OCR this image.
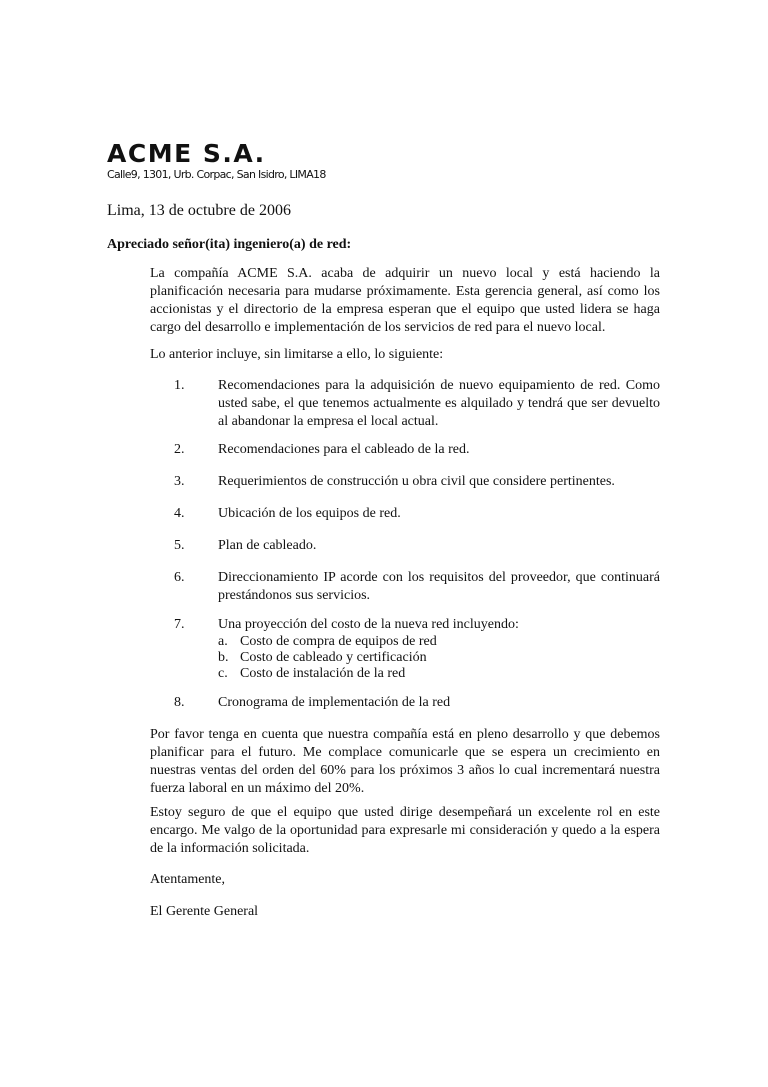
ACME S.A.
Calle9, 1301, Urb. Corpac, San Isidro, LIMA18
Lima, 13 de octubre de 2006
Apreciado señor(ita) ingeniero(a) de red:

La compañía ACME S.A. acaba de adquirir un nuevo local y está haciendo la planificación necesaria para mudarse próximamente. Esta gerencia general, así como los accionistas y el directorio de la empresa esperan que el equipo que usted lidera se haga cargo del desarrollo e implementación de los servicios de red para el nuevo local.

Lo anterior incluye, sin limitarse a ello, lo siguiente:

1.	Recomendaciones para la adquisición de nuevo equipamiento de red. Como usted sabe, el que tenemos actualmente es alquilado y tendrá que ser devuelto al abandonar la empresa el local actual.
2.	Recomendaciones para el cableado de la red.
3.	Requerimientos de construcción u obra civil que considere pertinentes.
4.	Ubicación de los equipos de red.
5.	Plan de cableado.
6.	Direccionamiento IP acorde con los requisitos del proveedor, que continuará prestándonos sus servicios.
7.	Una proyección del costo de la nueva red incluyendo:
a. Costo de compra de equipos de red
b. Costo de cableado y certificación
c. Costo de instalación de la red
8.	Cronograma de implementación de la red

Por favor tenga en cuenta que nuestra compañía está en pleno desarrollo y que debemos planificar para el futuro. Me complace comunicarle que se espera un crecimiento en nuestras ventas del orden del 60% para los próximos 3 años lo cual incrementará nuestra fuerza laboral en un máximo del 20%.

Estoy seguro de que el equipo que usted dirige desempeñará un excelente rol en este encargo. Me valgo de la oportunidad para expresarle mi consideración y quedo a la espera de la información solicitada.

Atentamente,
El Gerente General
